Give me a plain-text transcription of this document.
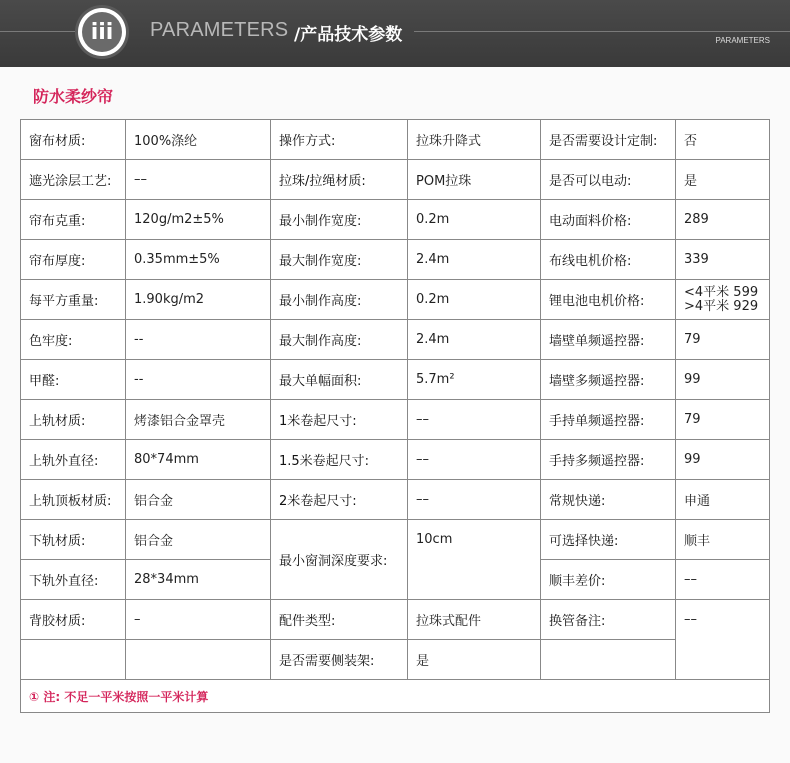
iii	PARAMETERS /产品技术参数	PARAMETERS
防水柔纱帘
窗布材质:	100%涤纶	操作方式:	拉珠升降式	是否需要设计定制:	否
遮光涂层工艺:	––	拉珠/拉绳材质:	POM拉珠	是否可以电动:	是
帘布克重:	120g/m2±5%	最小制作宽度:	0.2m	电动面料价格:	289
帘布厚度:	0.35mm±5%	最大制作宽度:	2.4m	布线电机价格:	339
每平方重量:	1.90kg/m2	最小制作高度:	0.2m	锂电池电机价格:	<4平米 599
>4平米 929
色牢度:	--	最大制作高度:	2.4m	墙壁单频遥控器:	79
甲醛:	--	最大单幅面积:	5.7m²	墙壁多频遥控器:	99
上轨材质:	烤漆铝合金罩壳	1米卷起尺寸:	––	手持单频遥控器:	79
上轨外直径:	80*74mm	1.5米卷起尺寸:	––	手持多频遥控器:	99
上轨顶板材质:	铝合金	2米卷起尺寸:	––	常规快递:	申通
下轨材质:	铝合金	最小窗洞深度要求:	10cm	可选择快递:	顺丰
下轨外直径:	28*34mm			顺丰差价:	––
背胶材质:	–	配件类型:	拉珠式配件	换管备注:	––
		是否需要侧装架:	是		
① 注: 不足一平米按照一平米计算					
